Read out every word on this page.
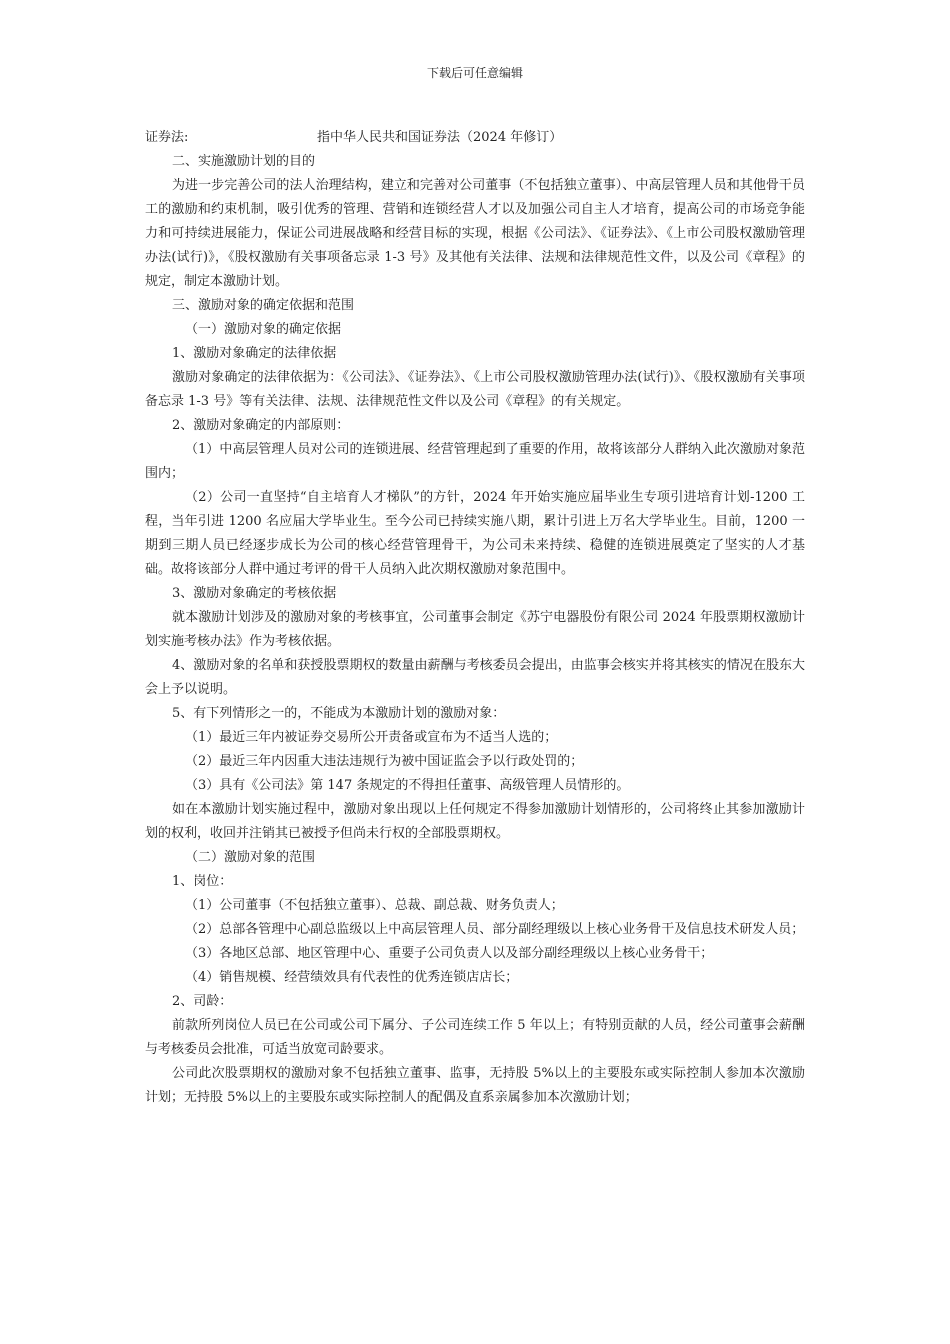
下载后可任意编辑

证券法:	指中华人民共和国证券法（2024 年修订）

二、实施激励计划的目的

为进一步完善公司的法人治理结构，建立和完善对公司董事（不包括独立董事）、中高层管理人员和其他骨干员工的激励和约束机制，吸引优秀的管理、营销和连锁经营人才以及加强公司自主人才培育，提高公司的市场竞争能力和可持续进展能力，保证公司进展战略和经营目标的实现，根据《公司法》、《证券法》、《上市公司股权激励管理办法(试行)》，《股权激励有关事项备忘录 1-3 号》及其他有关法律、法规和法律规范性文件，以及公司《章程》的规定，制定本激励计划。

三、激励对象的确定依据和范围

（一）激励对象的确定依据

1、激励对象确定的法律依据

激励对象确定的法律依据为：《公司法》、《证券法》、《上市公司股权激励管理办法(试行)》、《股权激励有关事项备忘录 1-3 号》等有关法律、法规、法律规范性文件以及公司《章程》的有关规定。

2、激励对象确定的内部原则：

（1）中高层管理人员对公司的连锁进展、经营管理起到了重要的作用，故将该部分人群纳入此次激励对象范围内；

（2）公司一直坚持“自主培育人才梯队”的方针，2024 年开始实施应届毕业生专项引进培育计划-1200 工程，当年引进 1200 名应届大学毕业生。至今公司已持续实施八期，累计引进上万名大学毕业生。目前，1200 一期到三期人员已经逐步成长为公司的核心经营管理骨干，为公司未来持续、稳健的连锁进展奠定了坚实的人才基础。故将该部分人群中通过考评的骨干人员纳入此次期权激励对象范围中。

3、激励对象确定的考核依据

就本激励计划涉及的激励对象的考核事宜，公司董事会制定《苏宁电器股份有限公司 2024 年股票期权激励计划实施考核办法》作为考核依据。

4、激励对象的名单和获授股票期权的数量由薪酬与考核委员会提出，由监事会核实并将其核实的情况在股东大会上予以说明。

5、有下列情形之一的，不能成为本激励计划的激励对象：

（1）最近三年内被证券交易所公开责备或宣布为不适当人选的；

（2）最近三年内因重大违法违规行为被中国证监会予以行政处罚的；

（3）具有《公司法》第 147 条规定的不得担任董事、高级管理人员情形的。

如在本激励计划实施过程中，激励对象出现以上任何规定不得参加激励计划情形的，公司将终止其参加激励计划的权利，收回并注销其已被授予但尚未行权的全部股票期权。

（二）激励对象的范围

1、岗位：

（1）公司董事（不包括独立董事）、总裁、副总裁、财务负责人；

（2）总部各管理中心副总监级以上中高层管理人员、部分副经理级以上核心业务骨干及信息技术研发人员；

（3）各地区总部、地区管理中心、重要子公司负责人以及部分副经理级以上核心业务骨干；

（4）销售规模、经营绩效具有代表性的优秀连锁店店长；

2、司龄：

前款所列岗位人员已在公司或公司下属分、子公司连续工作 5 年以上；有特别贡献的人员，经公司董事会薪酬与考核委员会批准，可适当放宽司龄要求。

公司此次股票期权的激励对象不包括独立董事、监事，无持股 5%以上的主要股东或实际控制人参加本次激励计划；无持股 5%以上的主要股东或实际控制人的配偶及直系亲属参加本次激励计划；
